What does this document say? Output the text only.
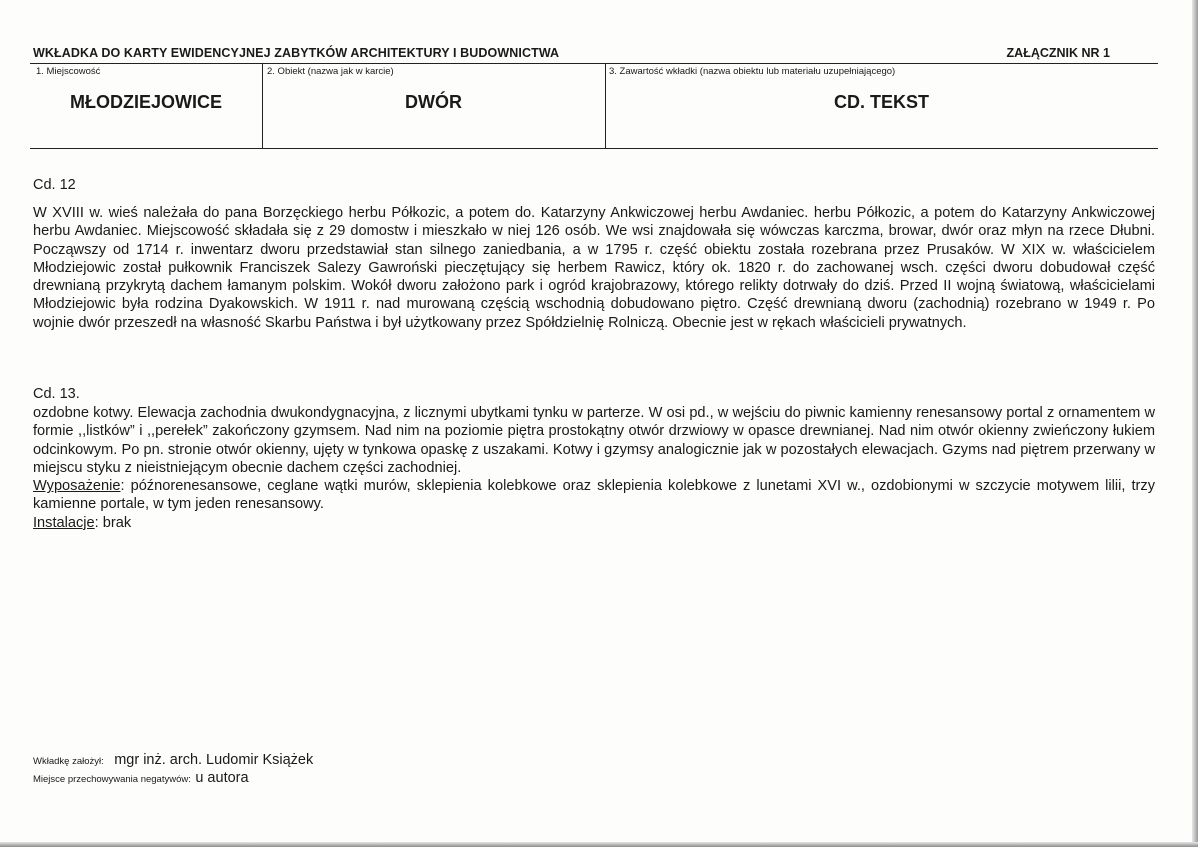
WKŁADKA DO KARTY EWIDENCYJNEJ ZABYTKÓW ARCHITEKTURY I BUDOWNICTWA	ZAŁĄCZNIK NR 1
1. Miejscowość
MŁODZIEJOWICE
2. Obiekt (nazwa jak w karcie)
DWÓR
3. Zawartość wkładki (nazwa obiektu lub materiału uzupełniającego)
CD. TEKST
Cd. 12
W XVIII w. wieś należała do pana Borzęckiego herbu Półkozic, a potem do. Katarzyny Ankwiczowej herbu Awdaniec. herbu Półkozic, a potem do Katarzyny Ankwiczowej herbu Awdaniec. Miejscowość składała się z 29 domostw i mieszkało w niej 126 osób. We wsi znajdowała się wówczas karczma, browar, dwór oraz młyn na rzece Dłubni. Począwszy od 1714 r. inwentarz dworu przedstawiał stan silnego zaniedbania, a w 1795 r. część obiektu została rozebrana przez Prusaków. W XIX w. właścicielem Młodziejowic został pułkownik Franciszek Salezy Gawroński pieczętujący się herbem Rawicz, który ok. 1820 r. do zachowanej wsch. części dworu dobudował część drewnianą przykrytą dachem łamanym polskim. Wokół dworu założono park i ogród krajobrazowy, którego relikty dotrwały do dziś. Przed II wojną światową, właścicielami Młodziejowic była rodzina Dyakowskich. W 1911 r. nad murowaną częścią wschodnią dobudowano piętro. Część drewnianą dworu (zachodnią) rozebrano w 1949 r. Po wojnie dwór przeszedł na własność Skarbu Państwa i był użytkowany przez Spółdzielnię Rolniczą. Obecnie jest w rękach właścicieli prywatnych.
Cd. 13.
ozdobne kotwy. Elewacja zachodnia dwukondygnacyjna, z licznymi ubytkami tynku w parterze. W osi pd., w wejściu do piwnic kamienny renesansowy portal z ornamentem w formie ,,listków” i ,,perełek” zakończony gzymsem. Nad nim na poziomie piętra prostokątny otwór drzwiowy w opasce drewnianej. Nad nim otwór okienny zwieńczony łukiem odcinkowym. Po pn. stronie otwór okienny, ujęty w tynkowa opaskę z uszakami. Kotwy i gzymsy analogicznie jak w pozostałych elewacjach. Gzyms nad piętrem przerwany w miejscu styku z nieistniejącym obecnie dachem części zachodniej.
Wyposażenie: późnorenesansowe, ceglane wątki murów, sklepienia kolebkowe oraz sklepienia kolebkowe z lunetami XVI w., ozdobionymi w szczycie motywem lilii, trzy kamienne portale, w tym jeden renesansowy.
Instalacje: brak
Wkładkę założył: mgr inż. arch. Ludomir Książek
Miejsce przechowywania negatywów: u autora
